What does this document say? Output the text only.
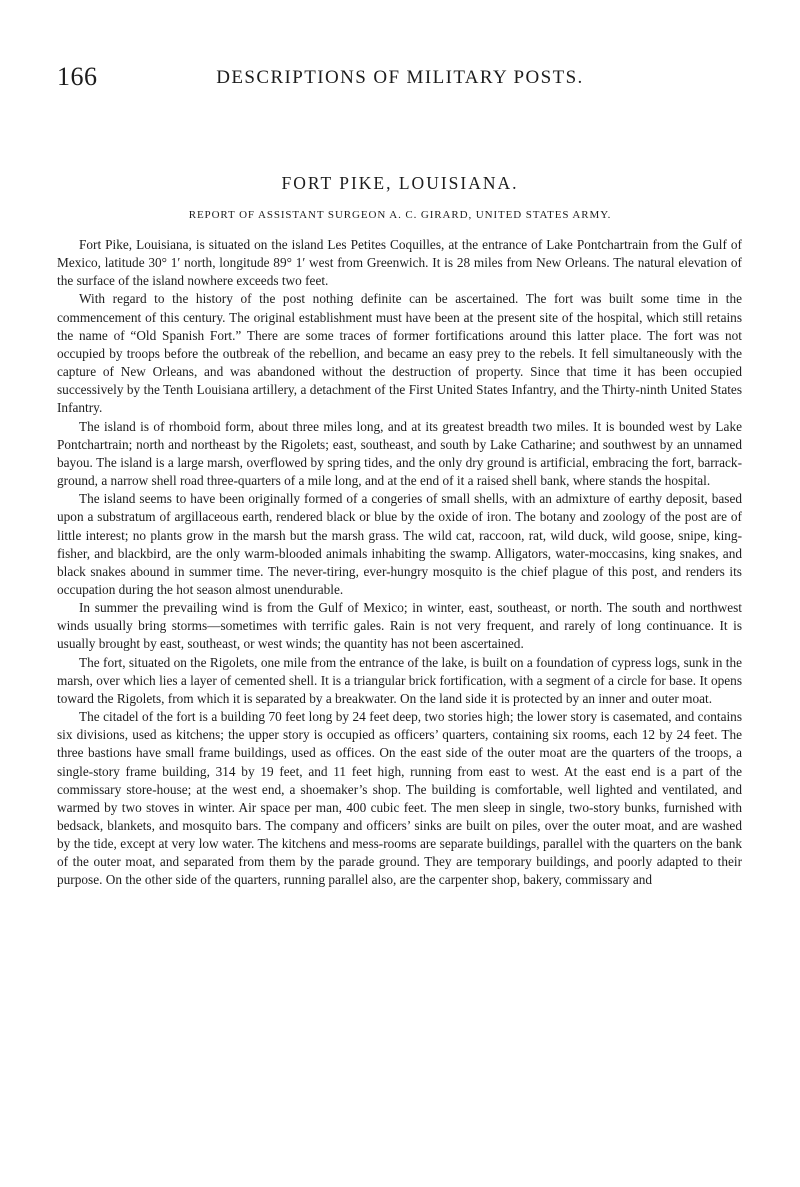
166	DESCRIPTIONS OF MILITARY POSTS.
FORT PIKE, LOUISIANA.
REPORT OF ASSISTANT SURGEON A. C. GIRARD, UNITED STATES ARMY.

Fort Pike, Louisiana, is situated on the island Les Petites Coquilles, at the entrance of Lake Pontchartrain from the Gulf of Mexico, latitude 30° 1′ north, longitude 89° 1′ west from Greenwich. It is 28 miles from New Orleans. The natural elevation of the surface of the island nowhere exceeds two feet.

With regard to the history of the post nothing definite can be ascertained. The fort was built some time in the commencement of this century. The original establishment must have been at the present site of the hospital, which still retains the name of “Old Spanish Fort.” There are some traces of former fortifications around this latter place. The fort was not occupied by troops before the outbreak of the rebellion, and became an easy prey to the rebels. It fell simultaneously with the capture of New Orleans, and was abandoned without the destruction of property. Since that time it has been occupied successively by the Tenth Louisiana artillery, a detachment of the First United States Infantry, and the Thirty-ninth United States Infantry.

The island is of rhomboid form, about three miles long, and at its greatest breadth two miles. It is bounded west by Lake Pontchartrain; north and northeast by the Rigolets; east, southeast, and south by Lake Catharine; and southwest by an unnamed bayou. The island is a large marsh, overflowed by spring tides, and the only dry ground is artificial, embracing the fort, barrack-ground, a narrow shell road three-quarters of a mile long, and at the end of it a raised shell bank, where stands the hospital.

The island seems to have been originally formed of a congeries of small shells, with an admixture of earthy deposit, based upon a substratum of argillaceous earth, rendered black or blue by the oxide of iron. The botany and zoology of the post are of little interest; no plants grow in the marsh but the marsh grass. The wild cat, raccoon, rat, wild duck, wild goose, snipe, king-fisher, and blackbird, are the only warm-blooded animals inhabiting the swamp. Alligators, water-moccasins, king snakes, and black snakes abound in summer time. The never-tiring, ever-hungry mosquito is the chief plague of this post, and renders its occupation during the hot season almost unendurable.

In summer the prevailing wind is from the Gulf of Mexico; in winter, east, southeast, or north. The south and northwest winds usually bring storms—sometimes with terrific gales. Rain is not very frequent, and rarely of long continuance. It is usually brought by east, southeast, or west winds; the quantity has not been ascertained.

The fort, situated on the Rigolets, one mile from the entrance of the lake, is built on a foundation of cypress logs, sunk in the marsh, over which lies a layer of cemented shell. It is a triangular brick fortification, with a segment of a circle for base. It opens toward the Rigolets, from which it is separated by a breakwater. On the land side it is protected by an inner and outer moat.

The citadel of the fort is a building 70 feet long by 24 feet deep, two stories high; the lower story is casemated, and contains six divisions, used as kitchens; the upper story is occupied as officers’ quarters, containing six rooms, each 12 by 24 feet. The three bastions have small frame buildings, used as offices. On the east side of the outer moat are the quarters of the troops, a single-story frame building, 314 by 19 feet, and 11 feet high, running from east to west. At the east end is a part of the commissary store-house; at the west end, a shoemaker’s shop. The building is comfortable, well lighted and ventilated, and warmed by two stoves in winter. Air space per man, 400 cubic feet. The men sleep in single, two-story bunks, furnished with bedsack, blankets, and mosquito bars. The company and officers’ sinks are built on piles, over the outer moat, and are washed by the tide, except at very low water. The kitchens and mess-rooms are separate buildings, parallel with the quarters on the bank of the outer moat, and separated from them by the parade ground. They are temporary buildings, and poorly adapted to their purpose. On the other side of the quarters, running parallel also, are the carpenter shop, bakery, commissary and
